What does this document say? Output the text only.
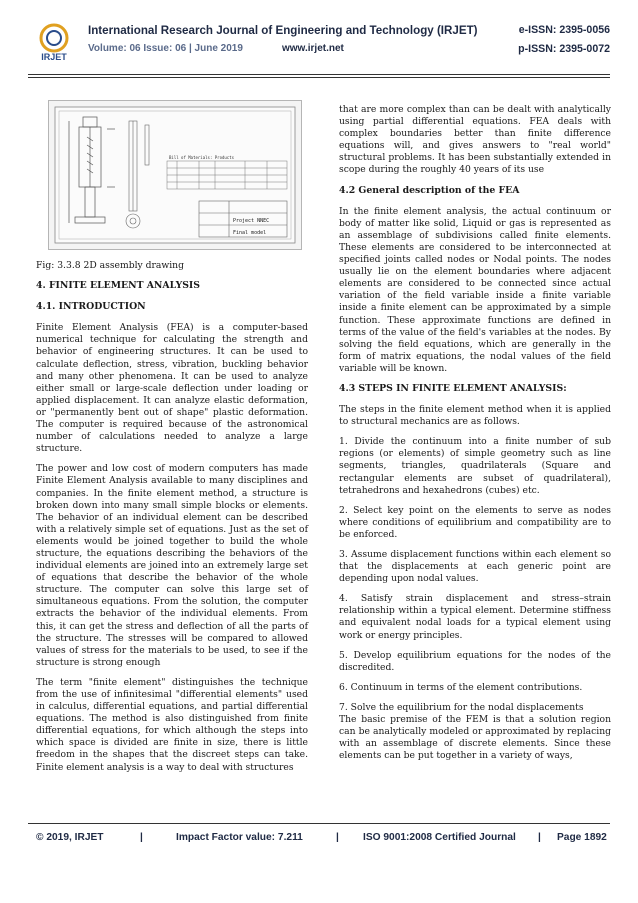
IRJET
International Research Journal of Engineering and Technology (IRJET)	e-ISSN: 2395-0056
Volume: 06 Issue: 06 | June 2019	www.irjet.net	p-ISSN: 2395-0072
Bill of Materials: Products
Project NNEC
Final model

Fig: 3.3.8 2D assembly drawing

4. FINITE ELEMENT ANALYSIS
4.1. INTRODUCTION

Finite Element Analysis (FEA) is a computer-based numerical technique for calculating the strength and behavior of engineering structures. It can be used to calculate deflection, stress, vibration, buckling behavior and many other phenomena. It can be used to analyze either small or large-scale deflection under loading or applied displacement. It can analyze elastic deformation, or "permanently bent out of shape" plastic deformation. The computer is required because of the astronomical number of calculations needed to analyze a large structure.

The power and low cost of modern computers has made Finite Element Analysis available to many disciplines and companies. In the finite element method, a structure is broken down into many small simple blocks or elements. The behavior of an individual element can be described with a relatively simple set of equations. Just as the set of elements would be joined together to build the whole structure, the equations describing the behaviors of the individual elements are joined into an extremely large set of equations that describe the behavior of the whole structure. The computer can solve this large set of simultaneous equations. From the solution, the computer extracts the behavior of the individual elements. From this, it can get the stress and deflection of all the parts of the structure. The stresses will be compared to allowed values of stress for the materials to be used, to see if the structure is strong enough

The term "finite element" distinguishes the technique from the use of infinitesimal "differential elements" used in calculus, differential equations, and partial differential equations. The method is also distinguished from finite differential equations, for which although the steps into which space is divided are finite in size, there is little freedom in the shapes that the discreet steps can take. Finite element analysis is a way to deal with structures

that are more complex than can be dealt with analytically using partial differential equations. FEA deals with complex boundaries better than finite difference equations will, and gives answers to "real world" structural problems. It has been substantially extended in scope during the roughly 40 years of its use

4.2 General description of the FEA

In the finite element analysis, the actual continuum or body of matter like solid, Liquid or gas is represented as an assemblage of subdivisions called finite elements. These elements are considered to be interconnected at specified joints called nodes or Nodal points. The nodes usually lie on the element boundaries where adjacent elements are considered to be connected since actual variation of the field variable inside a finite variable inside a finite element can be approximated by a simple function. These approximate functions are defined in terms of the value of the field's variables at the nodes. By solving the field equations, which are generally in the form of matrix equations, the nodal values of the field variable will be known.

4.3 STEPS IN FINITE ELEMENT ANALYSIS:

The steps in the finite element method when it is applied to structural mechanics are as follows.

1. Divide the continuum into a finite number of sub regions (or elements) of simple geometry such as line segments, triangles, quadrilaterals (Square and rectangular elements are subset of quadrilateral), tetrahedrons and hexahedrons (cubes) etc.

2. Select key point on the elements to serve as nodes where conditions of equilibrium and compatibility are to be enforced.

3. Assume displacement functions within each element so that the displacements at each generic point are depending upon nodal values.

4. Satisfy strain displacement and stress–strain relationship within a typical element. Determine stiffness and equivalent nodal loads for a typical element using work or energy principles.

5. Develop equilibrium equations for the nodes of the discredited.

6. Continuum in terms of the element contributions.

7. Solve the equilibrium for the nodal displacements

The basic premise of the FEM is that a solution region can be analytically modeled or approximated by replacing with an assemblage of discrete elements. Since these elements can be put together in a variety of ways,

© 2019, IRJET	|	Impact Factor value: 7.211	| ISO 9001:2008 Certified Journal | Page 1892
